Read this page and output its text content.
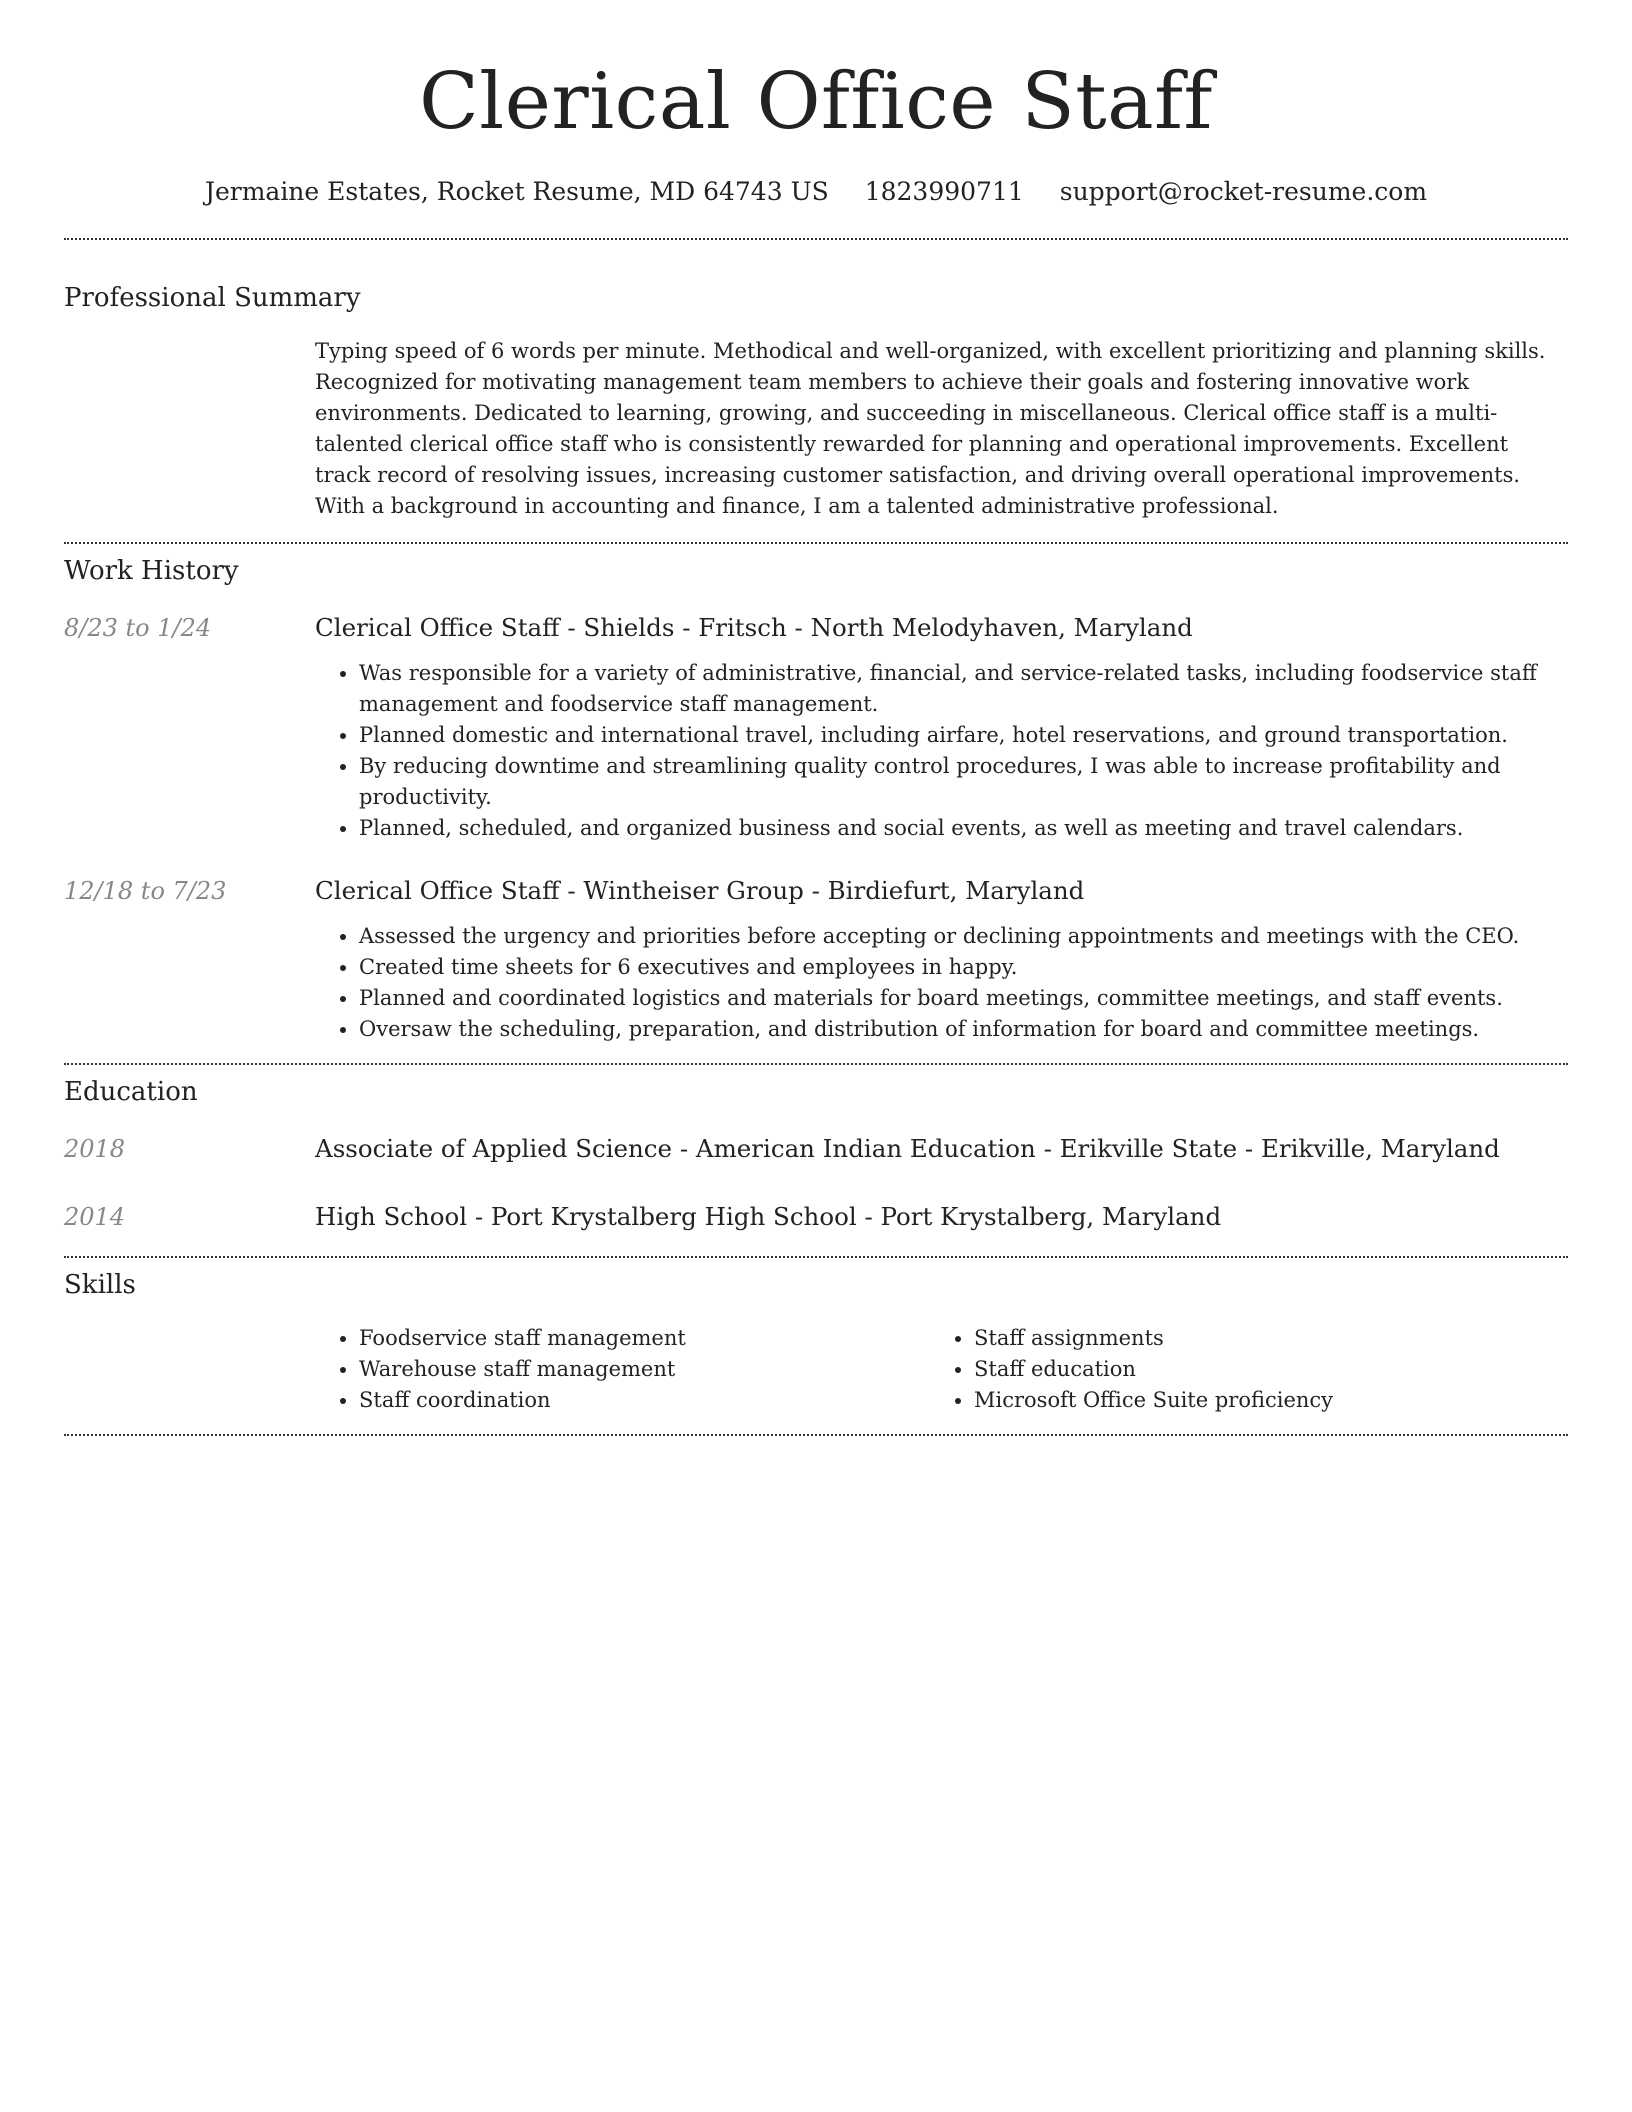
Clerical Office Staff
Jermaine Estates, Rocket Resume, MD 64743 US 1823990711 support@rocket-resume.com
Professional Summary
Typing speed of 6 words per minute. Methodical and well-organized, with excellent prioritizing and planning skills. Recognized for motivating management team members to achieve their goals and fostering innovative work environments. Dedicated to learning, growing, and succeeding in miscellaneous. Clerical office staff is a multi-talented clerical office staff who is consistently rewarded for planning and operational improvements. Excellent track record of resolving issues, increasing customer satisfaction, and driving overall operational improvements. With a background in accounting and finance, I am a talented administrative professional.
Work History
8/23 to 1/24	Clerical Office Staff - Shields - Fritsch - North Melodyhaven, Maryland
• Was responsible for a variety of administrative, financial, and service-related tasks, including foodservice staff management and foodservice staff management.
• Planned domestic and international travel, including airfare, hotel reservations, and ground transportation.
• By reducing downtime and streamlining quality control procedures, I was able to increase profitability and productivity.
• Planned, scheduled, and organized business and social events, as well as meeting and travel calendars.
12/18 to 7/23	Clerical Office Staff - Wintheiser Group - Birdiefurt, Maryland
• Assessed the urgency and priorities before accepting or declining appointments and meetings with the CEO.
• Created time sheets for 6 executives and employees in happy.
• Planned and coordinated logistics and materials for board meetings, committee meetings, and staff events.
• Oversaw the scheduling, preparation, and distribution of information for board and committee meetings.
Education
2018	Associate of Applied Science - American Indian Education - Erikville State - Erikville, Maryland
2014	High School - Port Krystalberg High School - Port Krystalberg, Maryland
Skills
• Foodservice staff management
• Warehouse staff management
• Staff coordination
• Staff assignments
• Staff education
• Microsoft Office Suite proficiency
